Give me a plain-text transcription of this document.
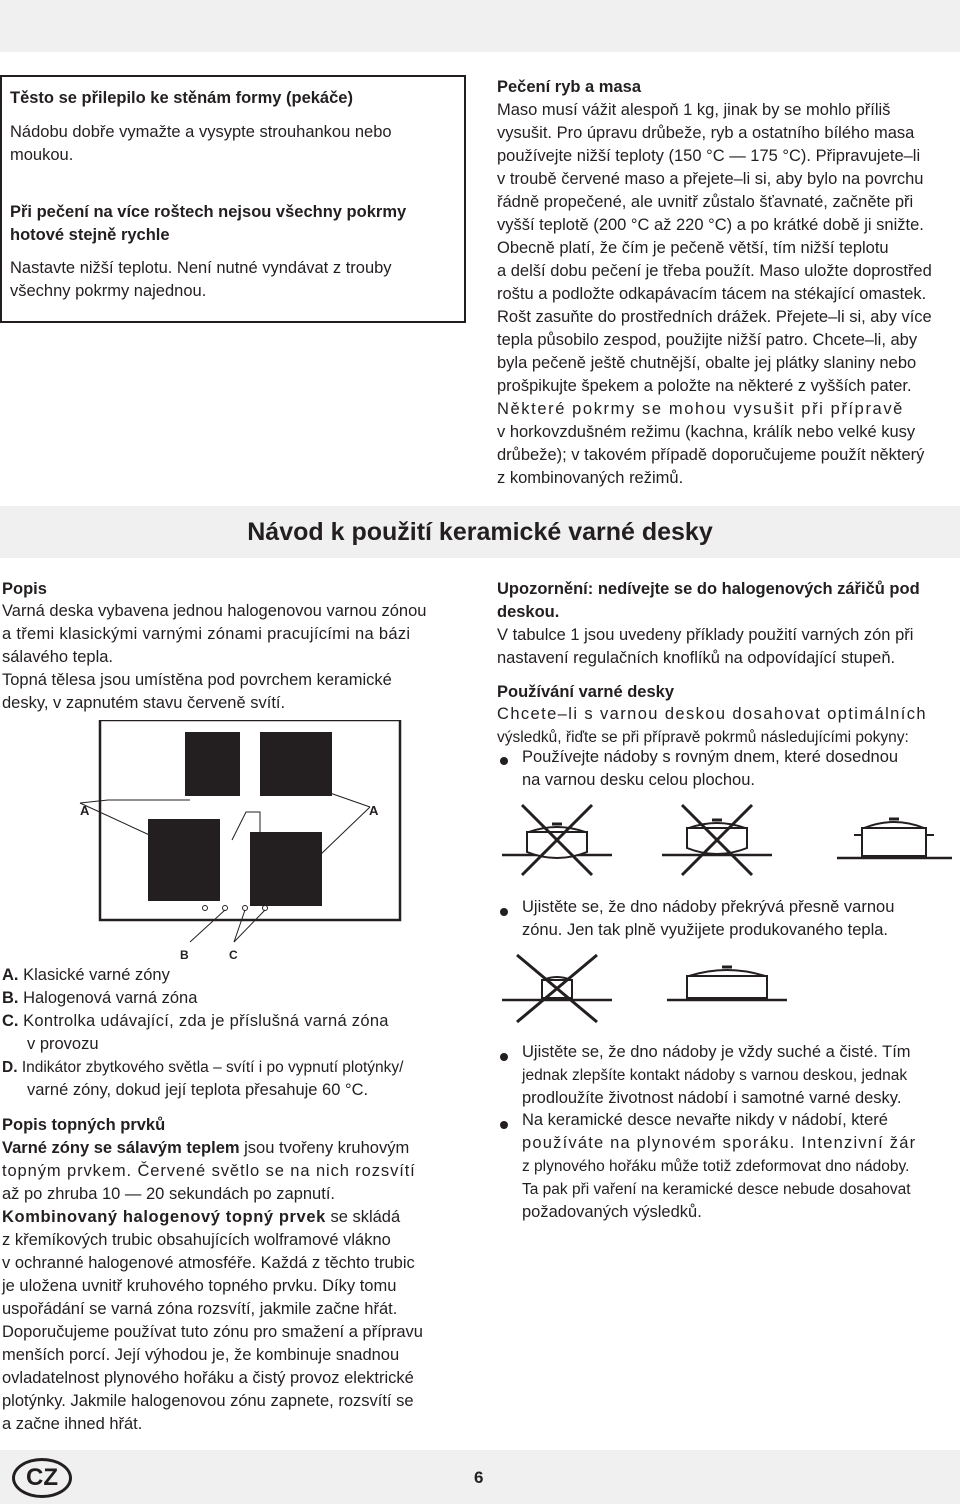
Těsto se přilepilo ke stěnám formy (pekáče)
Nádobu dobře vymažte a vysypte strouhankou nebo moukou.
Při pečení na více roštech nejsou všechny pokrmy hotové stejně rychle
Nastavte nižší teplotu. Není nutné vyndávat z trouby všechny pokrmy najednou.
Pečení ryb a masa

Maso musí vážit alespoň 1 kg, jinak by se mohlo příliš

vysušit. Pro úpravu drůbeže, ryb a ostatního bílého masa

používejte nižší teploty (150 °C — 175 °C). Připravujete–li

v troubě červené maso a přejete–li si, aby bylo na povrchu

řádně propečené, ale uvnitř zůstalo šťavnaté, začněte při

vyšší teplotě (200 °C až 220 °C) a po krátké době ji snižte.

Obecně platí, že čím je pečeně větší, tím nižší teplotu

a delší dobu pečení je třeba použít. Maso uložte doprostřed

roštu a podložte odkapávacím tácem na stékající omastek.

Rošt zasuňte do prostředních drážek. Přejete–li si, aby více

tepla působilo zespod, použijte nižší patro. Chcete–li, aby

byla pečeně ještě chutnější, obalte jej plátky slaniny nebo

prošpikujte špekem a položte na některé z vyšších pater.

Některé pokrmy se mohou vysušit při přípravě

v horkovzdušném režimu (kachna, králík nebo velké kusy

drůbeže); v takovém případě doporučujeme použít některý

z kombinovaných režimů.

Návod k použití keramické varné desky
Popis

Varná deska vybavena jednou halogenovou varnou zónou

a třemi klasickými varnými zónami pracujícími na bázi

sálavého tepla.

Topná tělesa jsou umístěna pod povrchem keramické

desky, v zapnutém stavu červeně svítí.

A	A
B	C

A. Klasické varné zóny

B. Halogenová varná zóna

C. Kontrolka udávající, zda je příslušná varná zóna

v provozu

D. Indikátor zbytkového světla – svítí i po vypnutí plotýnky/

varné zóny, dokud její teplota přesahuje 60 °C.

Popis topných prvků

Varné zóny se sálavým teplem jsou tvořeny kruhovým

topným prvkem. Červené světlo se na nich rozsvítí

až po zhruba 10 — 20 sekundách po zapnutí.

Kombinovaný halogenový topný prvek se skládá

z křemíkových trubic obsahujících wolframové vlákno

v ochranné halogenové atmosféře. Každá z těchto trubic

je uložena uvnitř kruhového topného prvku. Díky tomu

uspořádání se varná zóna rozsvítí, jakmile začne hřát.

Doporučujeme používat tuto zónu pro smažení a přípravu

menších porcí. Její výhodou je, že kombinuje snadnou

ovladatelnost plynového hořáku a čistý provoz elektrické

plotýnky. Jakmile halogenovou zónu zapnete, rozsvítí se

a začne ihned hřát.

Upozornění: nedívejte se do halogenových zářičů pod

deskou.

V tabulce 1 jsou uvedeny příklady použití varných zón při

nastavení regulačních knoflíků na odpovídající stupeň.

Používání varné desky

Chcete–li s varnou deskou dosahovat optimálních

výsledků, řiďte se při přípravě pokrmů následujícími pokyny:

Používejte nádoby s rovným dnem, které dosednou

na varnou desku celou plochou.

Ujistěte se, že dno nádoby překrývá přesně varnou

zónu. Jen tak plně využijete produkovaného tepla.

Ujistěte se, že dno nádoby je vždy suché a čisté. Tím

jednak zlepšíte kontakt nádoby s varnou deskou, jednak

prodloužíte životnost nádobí i samotné varné desky.

Na keramické desce nevařte nikdy v nádobí, které

používáte na plynovém sporáku. Intenzivní žár

z plynového hořáku může totiž zdeformovat dno nádoby.

Ta pak při vaření na keramické desce nebude dosahovat

požadovaných výsledků.

CZ	6
